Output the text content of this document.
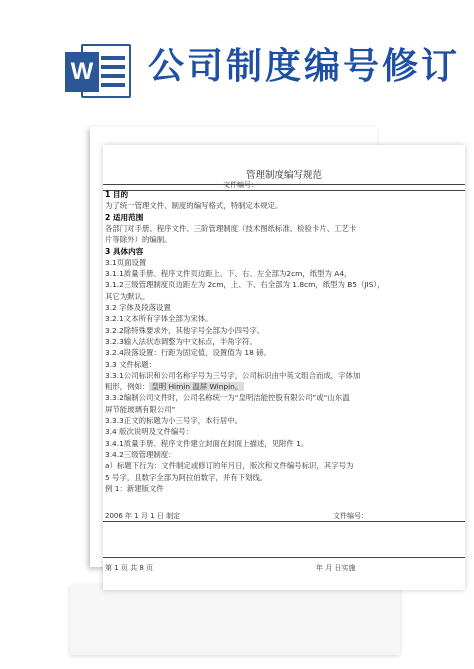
W 公司制度编号修订
管理制度编写规范
文件编号：
1 目的
为了统一管理文件、制度的编写格式，特制定本规定。
2 适用范围
各部门对手册、程序文件、三阶管理制度（技术图纸标准、检验卡片、工艺卡
片等除外）的编制。
3 具体内容
3.1页面设置
3.1.1质量手册、程序文件页边距上、下、右、左全部为2cm，纸型为 A4，
3.1.2三级管理制度页边距左为 2cm，上、下、右全部为 1.8cm，纸型为 B5（JIS），
其它为默认。
3.2 字体及段落设置
3.2.1文本所有字体全部为宋体。
3.2.2除特殊要求外，其他字号全部为小四号字。
3.2.3输入法状态调整为中文标点，半角字符。
3.2.4段落设置：行距为固定值，设置值为 18 磅。
3.3 文件标题：
3.3.1公司标识和公司名称字号为三号字，公司标识由中英文组合而成，字体加
粗形，例如： 皇明 Himin 温屏 Winpin。
3.3.2编制公司文件时，公司名称统一为“皇明洁能控股有限公司”或“山东温
屏节能玻璃有限公司”
3.3.3正文的标题为小三号字，本行居中。
3.4 版次说明及文件编号：
3.4.1质量手册、程序文件建立封面在封面上描述，见附件 1。
3.4.2三级管理制度：
a）标题下行为：文件制定或修订的年月日，版次和文件编号标识，其字号为
5 号字，且数字全部为阿拉伯数字，并有下划线。
例 1：新建版文件
2006 年 1 月 1 日 制定	文件编号：
第 1 页 共 8 页	年 月 日实施
